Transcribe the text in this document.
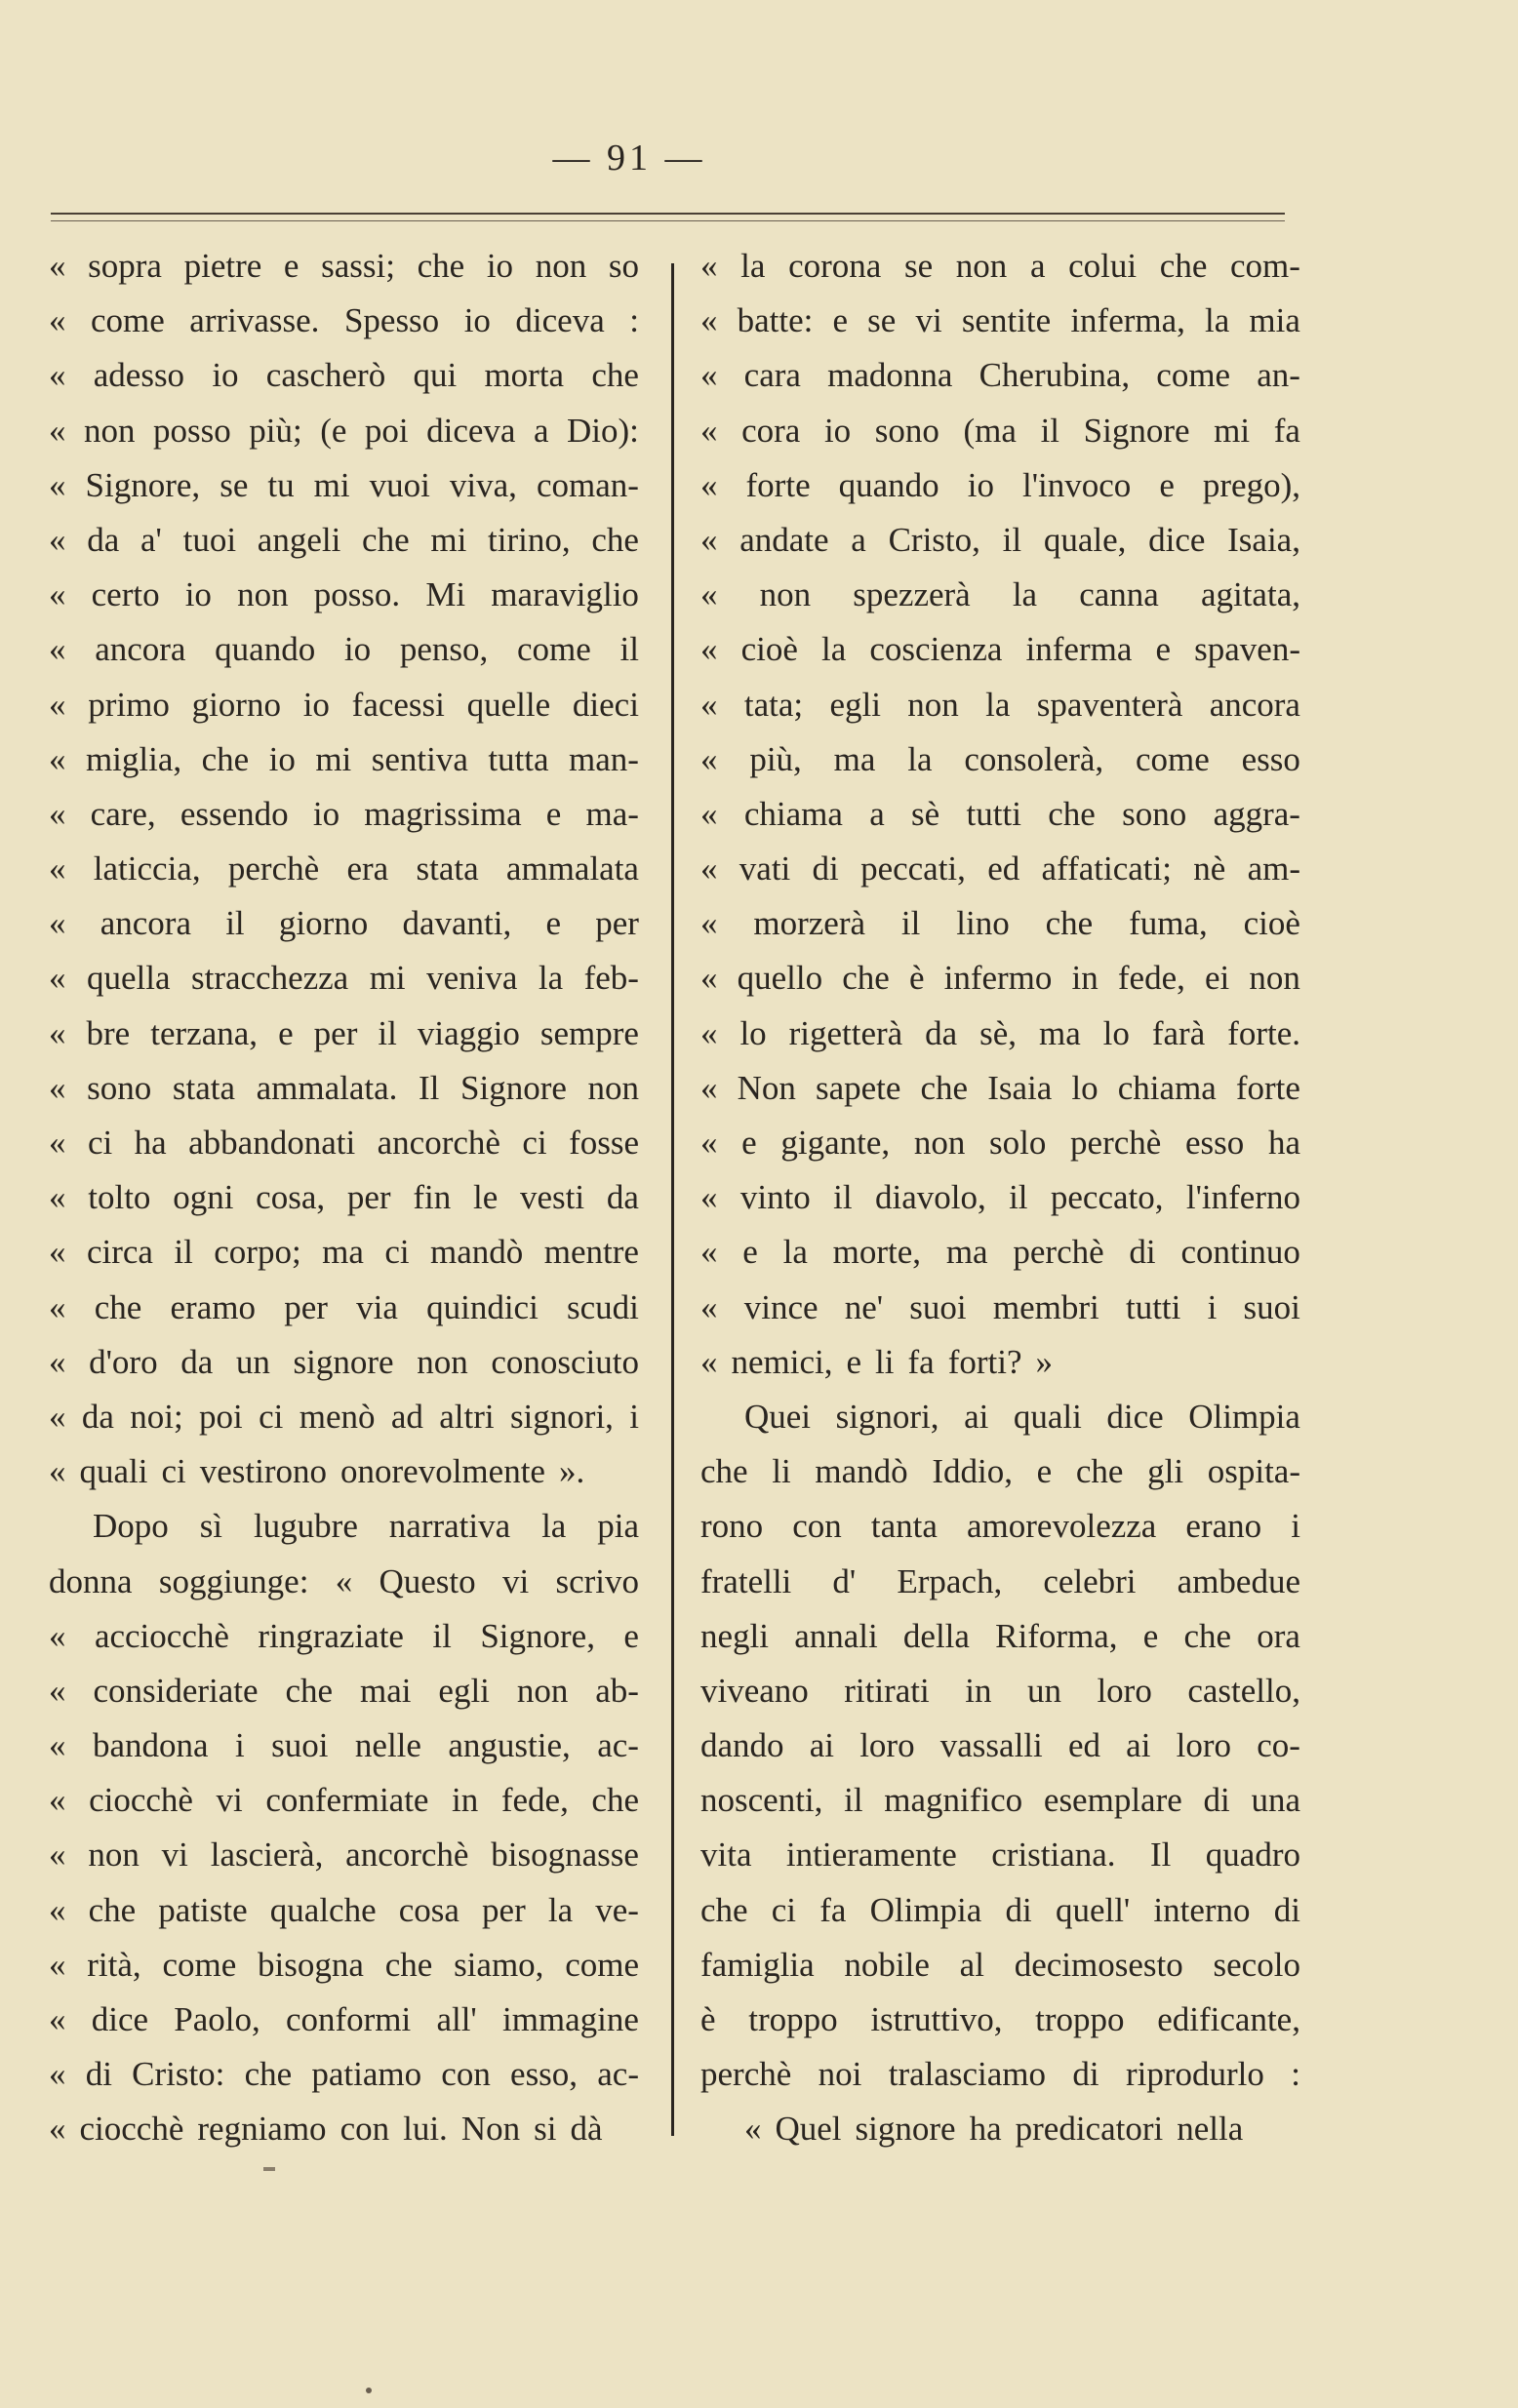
— 91 —
« sopra pietre e sassi; che io non so
« come arrivasse. Spesso io diceva :
« adesso io cascherò qui morta che
« non posso più; (e poi diceva a Dio):
« Signore, se tu mi vuoi viva, coman-
« da a' tuoi angeli che mi tirino, che
« certo io non posso. Mi maraviglio
« ancora quando io penso, come il
« primo giorno io facessi quelle dieci
« miglia, che io mi sentiva tutta man-
« care, essendo io magrissima e ma-
« laticcia, perchè era stata ammalata
« ancora il giorno davanti, e per
« quella stracchezza mi veniva la feb-
« bre terzana, e per il viaggio sempre
« sono stata ammalata. Il Signore non
« ci ha abbandonati ancorchè ci fosse
« tolto ogni cosa, per fin le vesti da
« circa il corpo; ma ci mandò mentre
« che eramo per via quindici scudi
« d'oro da un signore non conosciuto
« da noi; poi ci menò ad altri signori, i
« quali ci vestirono onorevolmente ».
Dopo sì lugubre narrativa la pia
donna soggiunge: « Questo vi scrivo
« acciocchè ringraziate il Signore, e
« consideriate che mai egli non ab-
« bandona i suoi nelle angustie, ac-
« ciocchè vi confermiate in fede, che
« non vi lascierà, ancorchè bisognasse
« che patiste qualche cosa per la ve-
« rità, come bisogna che siamo, come
« dice Paolo, conformi all' immagine
« di Cristo: che patiamo con esso, ac-
« ciocchè regniamo con lui. Non si dà
« la corona se non a colui che com-
« batte: e se vi sentite inferma, la mia
« cara madonna Cherubina, come an-
« cora io sono (ma il Signore mi fa
« forte quando io l'invoco e prego),
« andate a Cristo, il quale, dice Isaia,
« non spezzerà la canna agitata,
« cioè la coscienza inferma e spaven-
« tata; egli non la spaventerà ancora
« più, ma la consolerà, come esso
« chiama a sè tutti che sono aggra-
« vati di peccati, ed affaticati; nè am-
« morzerà il lino che fuma, cioè
« quello che è infermo in fede, ei non
« lo rigetterà da sè, ma lo farà forte.
« Non sapete che Isaia lo chiama forte
« e gigante, non solo perchè esso ha
« vinto il diavolo, il peccato, l'inferno
« e la morte, ma perchè di continuo
« vince ne' suoi membri tutti i suoi
« nemici, e li fa forti? »
Quei signori, ai quali dice Olimpia
che li mandò Iddio, e che gli ospita-
rono con tanta amorevolezza erano i
fratelli d' Erpach, celebri ambedue
negli annali della Riforma, e che ora
viveano ritirati in un loro castello,
dando ai loro vassalli ed ai loro co-
noscenti, il magnifico esemplare di una
vita intieramente cristiana. Il quadro
che ci fa Olimpia di quell' interno di
famiglia nobile al decimosesto secolo
è troppo istruttivo, troppo edificante,
perchè noi tralasciamo di riprodurlo :
« Quel signore ha predicatori nella
